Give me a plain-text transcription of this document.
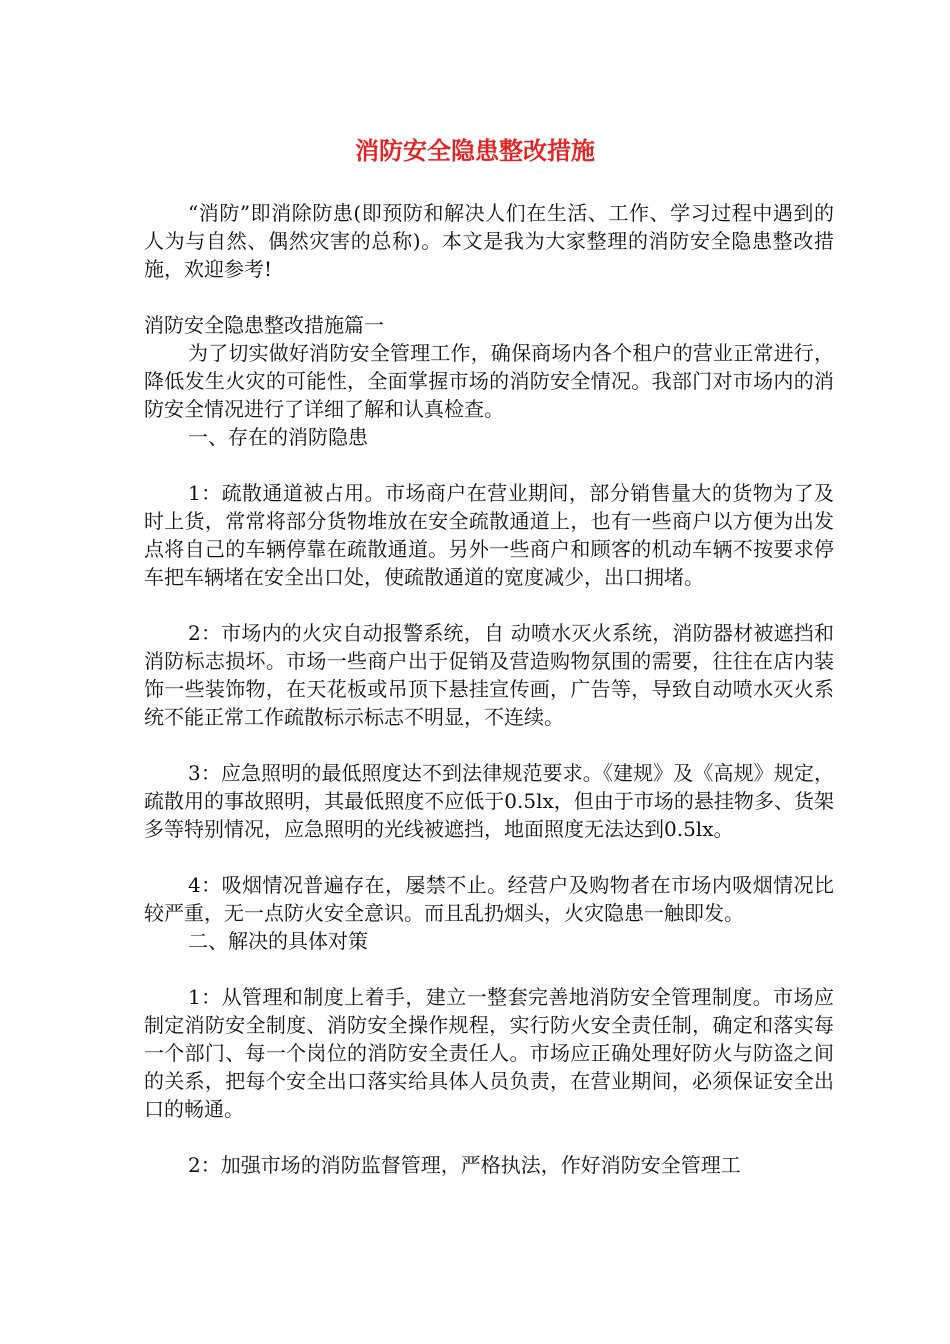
消防安全隐患整改措施

“消防”即消除防患(即预防和解决人们在生活、工作、学习过程中遇到的人为与自然、偶然灾害的总称)。本文是我为大家整理的消防安全隐患整改措施，欢迎参考!

消防安全隐患整改措施篇一

为了切实做好消防安全管理工作，确保商场内各个租户的营业正常进行，降低发生火灾的可能性，全面掌握市场的消防安全情况。我部门对市场内的消防安全情况进行了详细了解和认真检查。

一、存在的消防隐患

1：疏散通道被占用。市场商户在营业期间，部分销售量大的货物为了及时上货，常常将部分货物堆放在安全疏散通道上，也有一些商户以方便为出发点将自己的车辆停靠在疏散通道。另外一些商户和顾客的机动车辆不按要求停车把车辆堵在安全出口处，使疏散通道的宽度减少，出口拥堵。

2：市场内的火灾自动报警系统，自 动喷水灭火系统，消防器材被遮挡和消防标志损坏。市场一些商户出于促销及营造购物氛围的需要，往往在店内装饰一些装饰物，在天花板或吊顶下悬挂宣传画，广告等，导致自动喷水灭火系统不能正常工作疏散标示标志不明显，不连续。

3：应急照明的最低照度达不到法律规范要求。《建规》及《高规》规定，疏散用的事故照明，其最低照度不应低于0.5lx，但由于市场的悬挂物多、货架多等特别情况，应急照明的光线被遮挡，地面照度无法达到0.5lx。

4：吸烟情况普遍存在，屡禁不止。经营户及购物者在市场内吸烟情况比较严重，无一点防火安全意识。而且乱扔烟头，火灾隐患一触即发。

二、解决的具体对策

1：从管理和制度上着手，建立一整套完善地消防安全管理制度。市场应制定消防安全制度、消防安全操作规程，实行防火安全责任制，确定和落实每一个部门、每一个岗位的消防安全责任人。市场应正确处理好防火与防盗之间的关系，把每个安全出口落实给具体人员负责，在营业期间，必须保证安全出口的畅通。

2：加强市场的消防监督管理，严格执法，作好消防安全管理工
